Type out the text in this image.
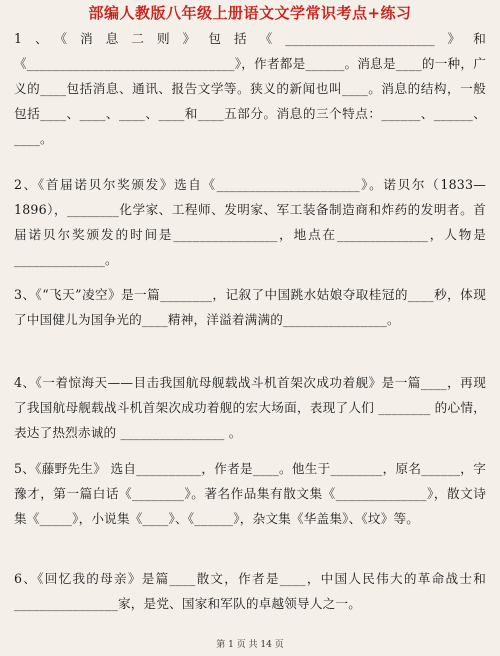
部编人教版八年级上册语文文学常识考点+练习

1、《消息二则》包括《_______________________》和《________________________________》，作者都是______。消息是____的一种，广义的____包括消息、通讯、报告文学等。狭义的新闻也叫____。消息的结构，一般包括____、____、____、____和____五部分。消息的三个特点：______、______、____。

2、《首届诺贝尔奖颁发》选自《______________________》。诺贝尔（1833—1896），________化学家、工程师、发明家、军工装备制造商和炸药的发明者。首届诺贝尔奖颁发的时间是________________，地点在______________，人物是______________。

3、《“飞天”凌空》是一篇________，记叙了中国跳水姑娘夺取桂冠的____秒，体现了中国健儿为国争光的____精神，洋溢着满满的________________。

4、《一着惊海天——目击我国航母舰载战斗机首架次成功着舰》是一篇____，再现了我国航母舰载战斗机首架次成功着舰的宏大场面，表现了人们 ________ 的心情，表达了热烈赤诚的 ________________ 。

5、《藤野先生》 选自__________，作者是____。他生于________，原名______，字豫才，第一篇白话《________》。著名作品集有散文集《______________》，散文诗集《_____》，小说集《____》、《______》，杂文集《华盖集》、《坟》等。

6、《回忆我的母亲》是篇____散文，作者是____，中国人民伟大的革命战士和________________家，是党、国家和军队的卓越领导人之一。

第 1 页 共 14 页
